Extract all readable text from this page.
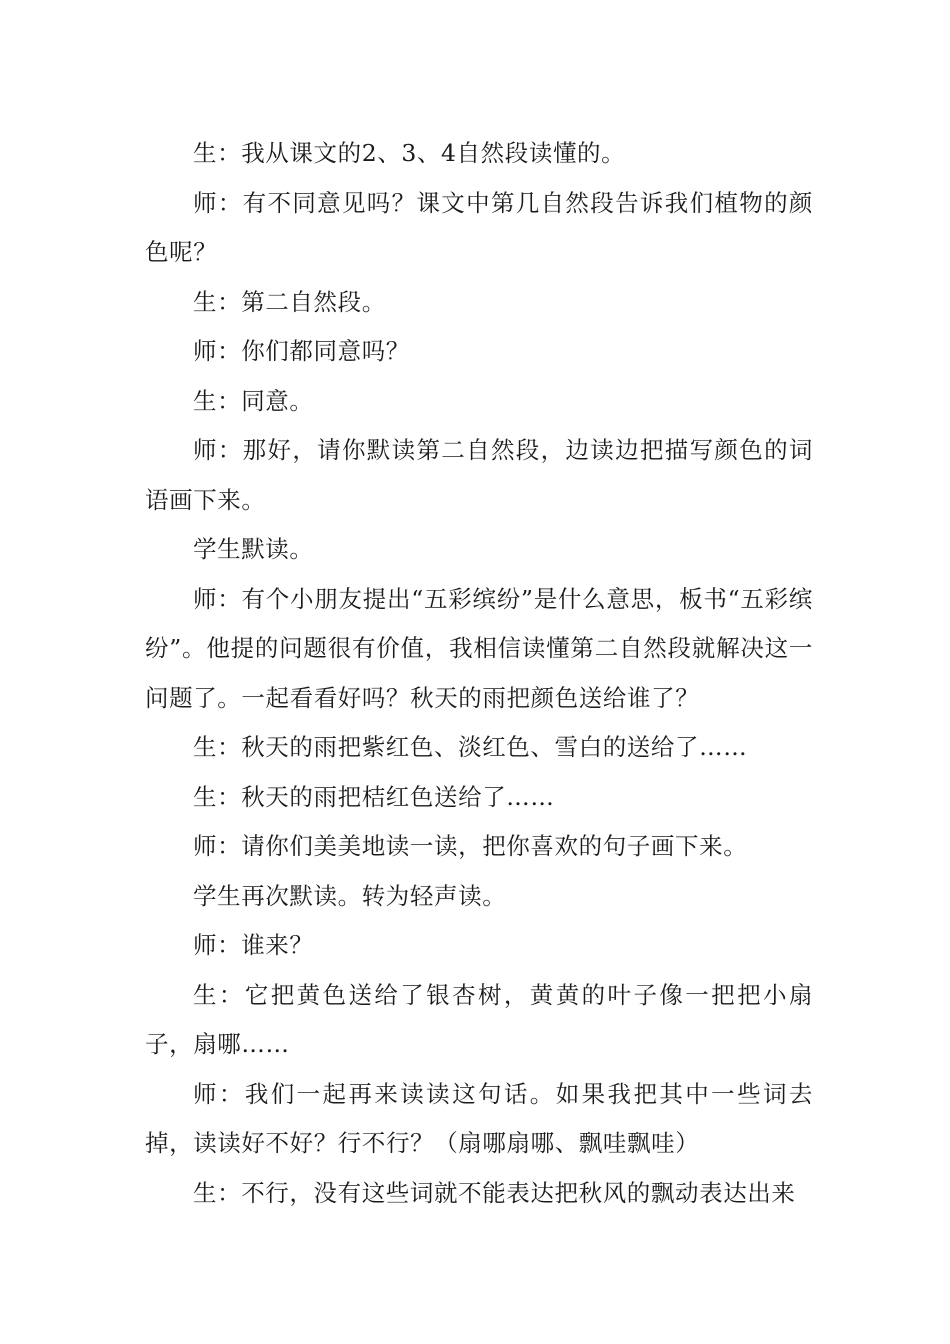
生：我从课文的2、3、4自然段读懂的。

师：有不同意见吗？课文中第几自然段告诉我们植物的颜色呢？

生：第二自然段。

师：你们都同意吗？

生：同意。

师：那好，请你默读第二自然段，边读边把描写颜色的词语画下来。

学生默读。

师：有个小朋友提出“五彩缤纷”是什么意思，板书“五彩缤纷”。他提的问题很有价值，我相信读懂第二自然段就解决这一问题了。一起看看好吗？秋天的雨把颜色送给谁了？

生：秋天的雨把紫红色、淡红色、雪白的送给了……

生：秋天的雨把桔红色送给了……

师：请你们美美地读一读，把你喜欢的句子画下来。

学生再次默读。转为轻声读。

师：谁来？

生：它把黄色送给了银杏树，黄黄的叶子像一把把小扇子，扇哪……

师：我们一起再来读读这句话。如果我把其中一些词去掉，读读好不好？行不行？（扇哪扇哪、飘哇飘哇）

生：不行，没有这些词就不能表达把秋风的飘动表达出来
